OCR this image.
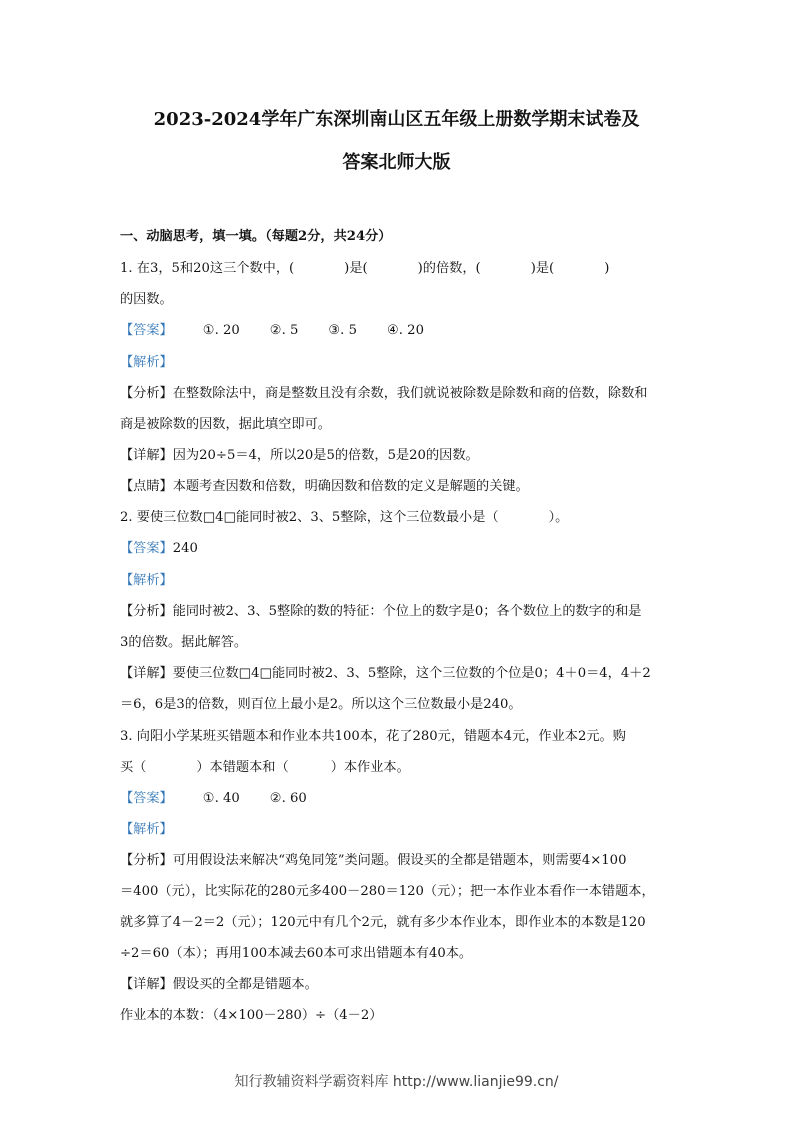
2023-2024学年广东深圳南山区五年级上册数学期末试卷及
答案北师大版
一、动脑思考，填一填。（每题2分，共24分）
1. 在3，5和20这三个数中，(	)是(	)的倍数，(	)是(	)
的因数。
【答案】 ①. 20 ②. 5 ③. 5 ④. 20
【解析】
【分析】在整数除法中，商是整数且没有余数，我们就说被除数是除数和商的倍数，除数和
商是被除数的因数，据此填空即可。
【详解】因为20÷5＝4，所以20是5的倍数，5是20的因数。
【点睛】本题考查因数和倍数，明确因数和倍数的定义是解题的关键。
2. 要使三位数□4□能同时被2、3、5整除，这个三位数最小是（	）。
【答案】240
【解析】
【分析】能同时被2、3、5整除的数的特征：个位上的数字是0；各个数位上的数字的和是
3的倍数。据此解答。
【详解】要使三位数□4□能同时被2、3、5整除，这个三位数的个位是0；4＋0＝4，4＋2
＝6，6是3的倍数，则百位上最小是2。所以这个三位数最小是240。
3. 向阳小学某班买错题本和作业本共100本，花了280元，错题本4元，作业本2元。购
买（	）本错题本和（	）本作业本。
【答案】 ①. 40 ②. 60
【解析】
【分析】可用假设法来解决“鸡兔同笼”类问题。假设买的全都是错题本，则需要4×100
＝400（元），比实际花的280元多400－280＝120（元）；把一本作业本看作一本错题本，
就多算了4－2＝2（元）；120元中有几个2元，就有多少本作业本，即作业本的本数是120
÷2＝60（本）；再用100本减去60本可求出错题本有40本。
【详解】假设买的全都是错题本。
作业本的本数：（4×100－280）÷（4－2）
知行教辅资料学霸资料库 http://www.lianjie99.cn/
